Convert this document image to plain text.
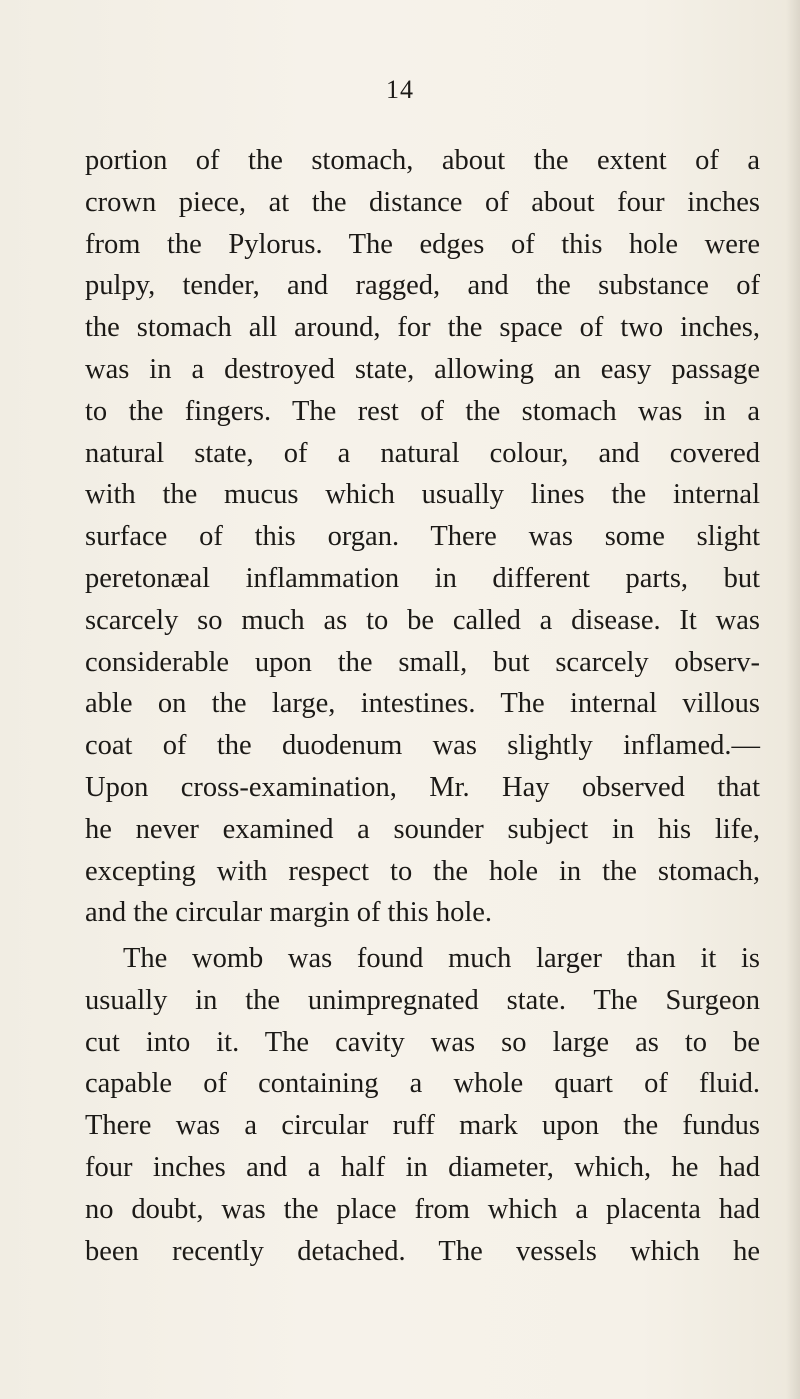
14
portion of the stomach, about the extent of a
crown piece, at the distance of about four inches
from the Pylorus. The edges of this hole were
pulpy, tender, and ragged, and the substance of
the stomach all around, for the space of two inches,
was in a destroyed state, allowing an easy passage
to the fingers. The rest of the stomach was in a
natural state, of a natural colour, and covered
with the mucus which usually lines the internal
surface of this organ. There was some slight
peretonæal inflammation in different parts, but
scarcely so much as to be called a disease. It was
considerable upon the small, but scarcely observ-
able on the large, intestines. The internal villous
coat of the duodenum was slightly inflamed.—
Upon cross-examination, Mr. Hay observed that
he never examined a sounder subject in his life,
excepting with respect to the hole in the stomach,
and the circular margin of this hole.
The womb was found much larger than it is
usually in the unimpregnated state. The Surgeon
cut into it. The cavity was so large as to be
capable of containing a whole quart of fluid.
There was a circular ruff mark upon the fundus
four inches and a half in diameter, which, he had
no doubt, was the place from which a placenta had
been recently detached. The vessels which he
